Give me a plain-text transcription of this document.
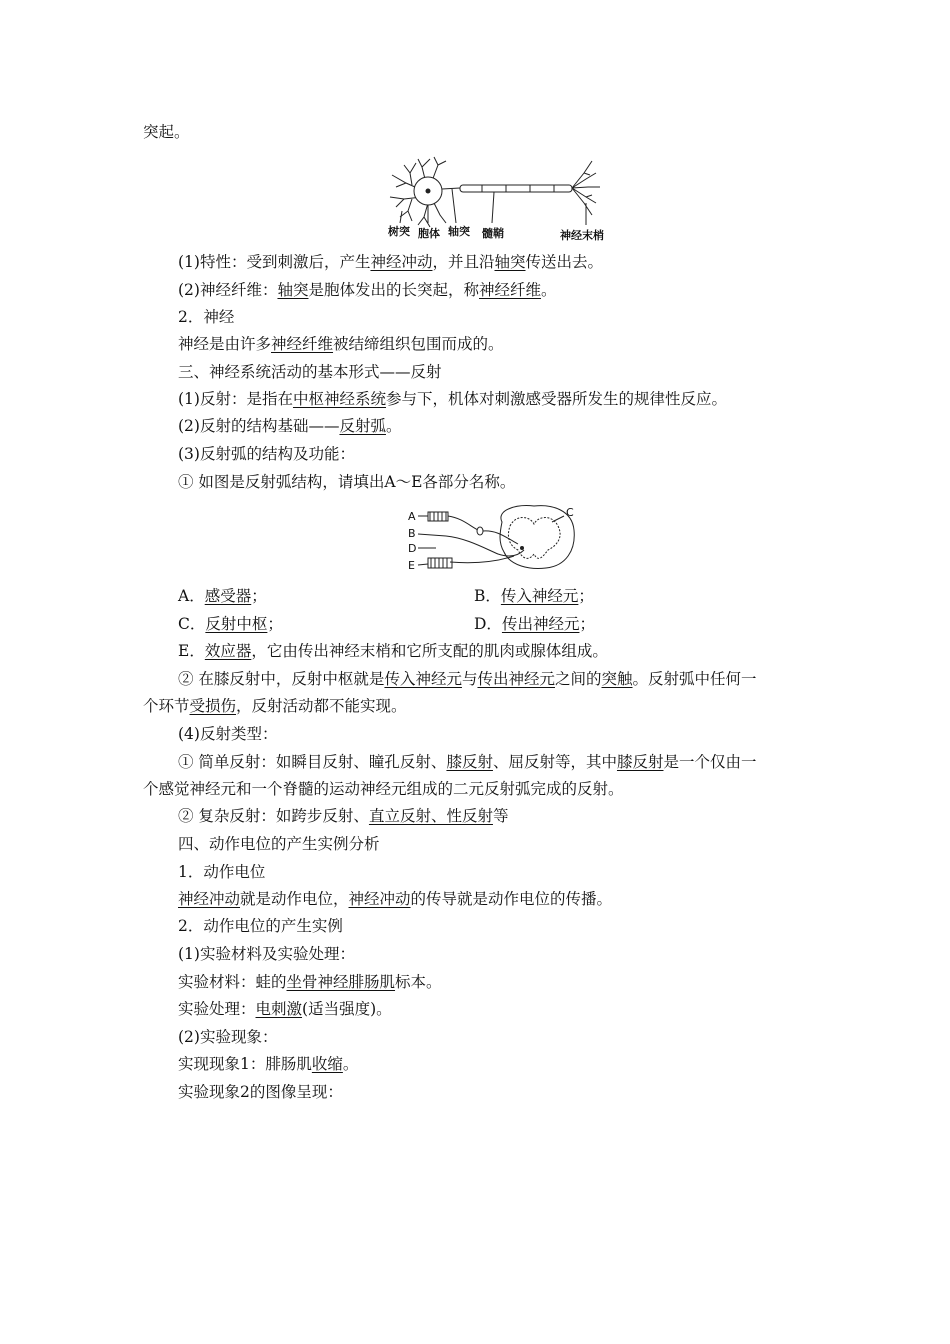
突起。
树突 胞体 轴突 髓鞘	神经末梢
(1)特性：受到刺激后，产生神经冲动，并且沿轴突传送出去。
(2)神经纤维：轴突是胞体发出的长突起，称神经纤维。
2．神经
神经是由许多神经纤维被结缔组织包围而成的。
三、神经系统活动的基本形式——反射
(1)反射：是指在中枢神经系统参与下，机体对刺激感受器所发生的规律性反应。
(2)反射的结构基础——反射弧。
(3)反射弧的结构及功能：
① 如图是反射弧结构，请填出A～E各部分名称。
A
B
C
D
E
A．感受器；	B．传入神经元；
C．反射中枢；	D．传出神经元；
E．效应器，它由传出神经末梢和它所支配的肌肉或腺体组成。
② 在膝反射中，反射中枢就是传入神经元与传出神经元之间的突触。反射弧中任何一
个环节受损伤，反射活动都不能实现。
(4)反射类型：
① 简单反射：如瞬目反射、瞳孔反射、膝反射、屈反射等，其中膝反射是一个仅由一
个感觉神经元和一个脊髓的运动神经元组成的二元反射弧完成的反射。
② 复杂反射：如跨步反射、直立反射、性反射等
四、动作电位的产生实例分析
1．动作电位
神经冲动就是动作电位，神经冲动的传导就是动作电位的传播。
2．动作电位的产生实例
(1)实验材料及实验处理：
实验材料：蛙的坐骨神经腓肠肌标本。
实验处理：电刺激(适当强度)。
(2)实验现象：
实现现象1：腓肠肌收缩。
实验现象2的图像呈现：
